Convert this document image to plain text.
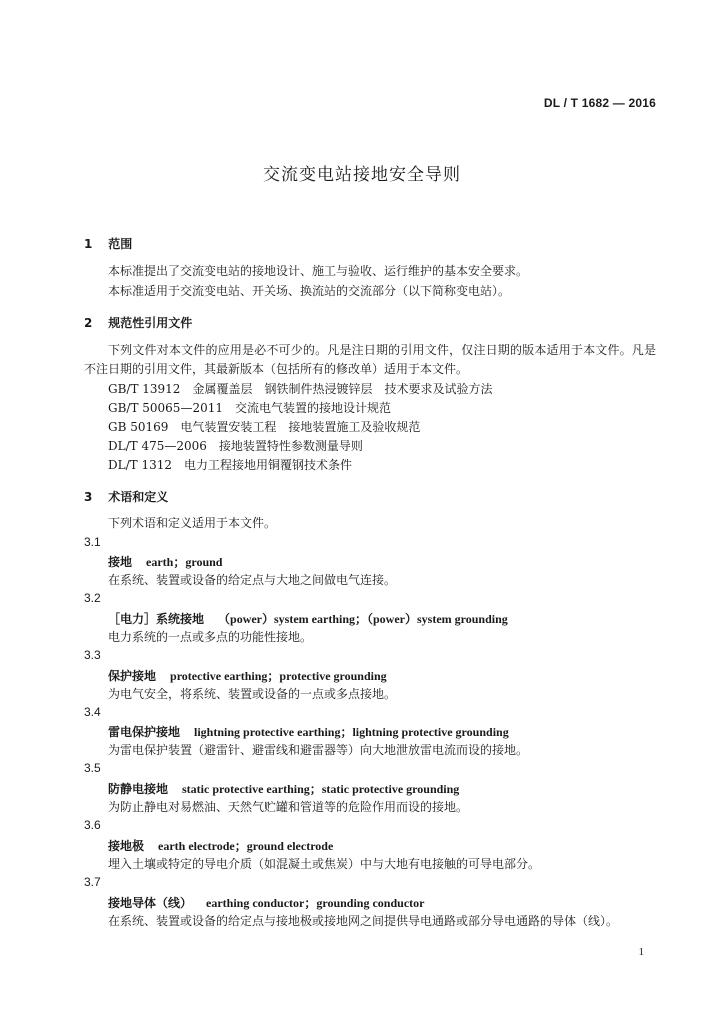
DL / T 1682 — 2016
交流变电站接地安全导则
1 范围
本标准提出了交流变电站的接地设计、施工与验收、运行维护的基本安全要求。
本标准适用于交流变电站、开关场、换流站的交流部分（以下简称变电站）。
2 规范性引用文件
下列文件对本文件的应用是必不可少的。凡是注日期的引用文件，仅注日期的版本适用于本文件。凡是不注日期的引用文件，其最新版本（包括所有的修改单）适用于本文件。
GB/T 13912　 金属覆盖层　钢铁制件热浸镀锌层　技术要求及试验方法
GB/T 50065—2011　 交流电气装置的接地设计规范
GB 50169　 电气装置安装工程　接地装置施工及验收规范
DL/T 475—2006　 接地装置特性参数测量导则
DL/T 1312　 电力工程接地用铜覆钢技术条件
3 术语和定义
下列术语和定义适用于本文件。
3.1
接地 earth；ground
在系统、装置或设备的给定点与大地之间做电气连接。
3.2
［电力］系统接地 （power）system earthing；（power）system grounding
电力系统的一点或多点的功能性接地。
3.3
保护接地 protective earthing；protective grounding
为电气安全，将系统、装置或设备的一点或多点接地。
3.4
雷电保护接地 lightning protective earthing；lightning protective grounding
为雷电保护装置（避雷针、避雷线和避雷器等）向大地泄放雷电流而设的接地。
3.5
防静电接地 static protective earthing；static protective grounding
为防止静电对易燃油、天然气贮罐和管道等的危险作用而设的接地。
3.6
接地极 earth electrode；ground electrode
埋入土壤或特定的导电介质（如混凝土或焦炭）中与大地有电接触的可导电部分。
3.7
接地导体（线） earthing conductor；grounding conductor
在系统、装置或设备的给定点与接地极或接地网之间提供导电通路或部分导电通路的导体（线）。
1
